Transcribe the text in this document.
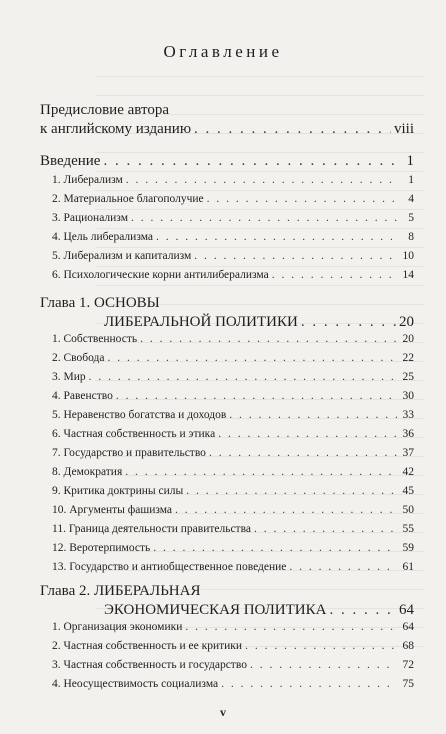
Оглавление
Предисловие автора
к английскому изданию . . .	viii
Введение . . .	1
1. Либерализм . . .	1
2. Материальное благополучие . . .	4
3. Рационализм . . .	5
4. Цель либерализма . . .	8
5. Либерализм и капитализм . . .	10
6. Психологические корни антилиберализма . . .	14
Глава 1. ОСНОВЫ
ЛИБЕРАЛЬНОЙ ПОЛИТИКИ . . .	20
1. Собственность . . .	20
2. Свобода . . .	22
3. Мир . . .	25
4. Равенство . . .	30
5. Неравенство богатства и доходов . . .	33
6. Частная собственность и этика . . .	36
7. Государство и правительство . . .	37
8. Демократия . . .	42
9. Критика доктрины силы . . .	45
10. Аргументы фашизма . . .	50
11. Граница деятельности правительства . . .	55
12. Веротерпимость . . .	59
13. Государство и антиобщественное поведение . . .	61
Глава 2. ЛИБЕРАЛЬНАЯ
ЭКОНОМИЧЕСКАЯ ПОЛИТИКА . . .	64
1. Организация экономики . . .	64
2. Частная собственность и ее критики . . .	68
3. Частная собственность и государство . . .	72
4. Неосуществимость социализма . . .	75
v
